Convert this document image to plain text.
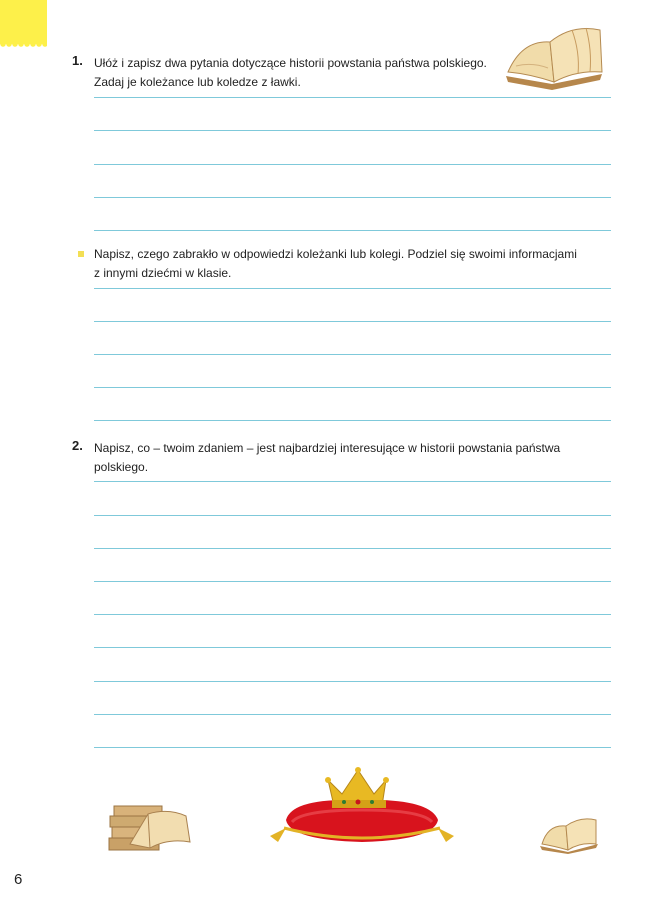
1. Ułóż i zapisz dwa pytania dotyczące historii powstania państwa polskiego.
Zadaj je koleżance lub koledze z ławki.
Napisz, czego zabrakło w odpowiedzi koleżanki lub kolegi. Podziel się swoimi informacjami
z innymi dziećmi w klasie.
2. Napisz, co – twoim zdaniem – jest najbardziej interesujące w historii powstania państwa
polskiego.
6
